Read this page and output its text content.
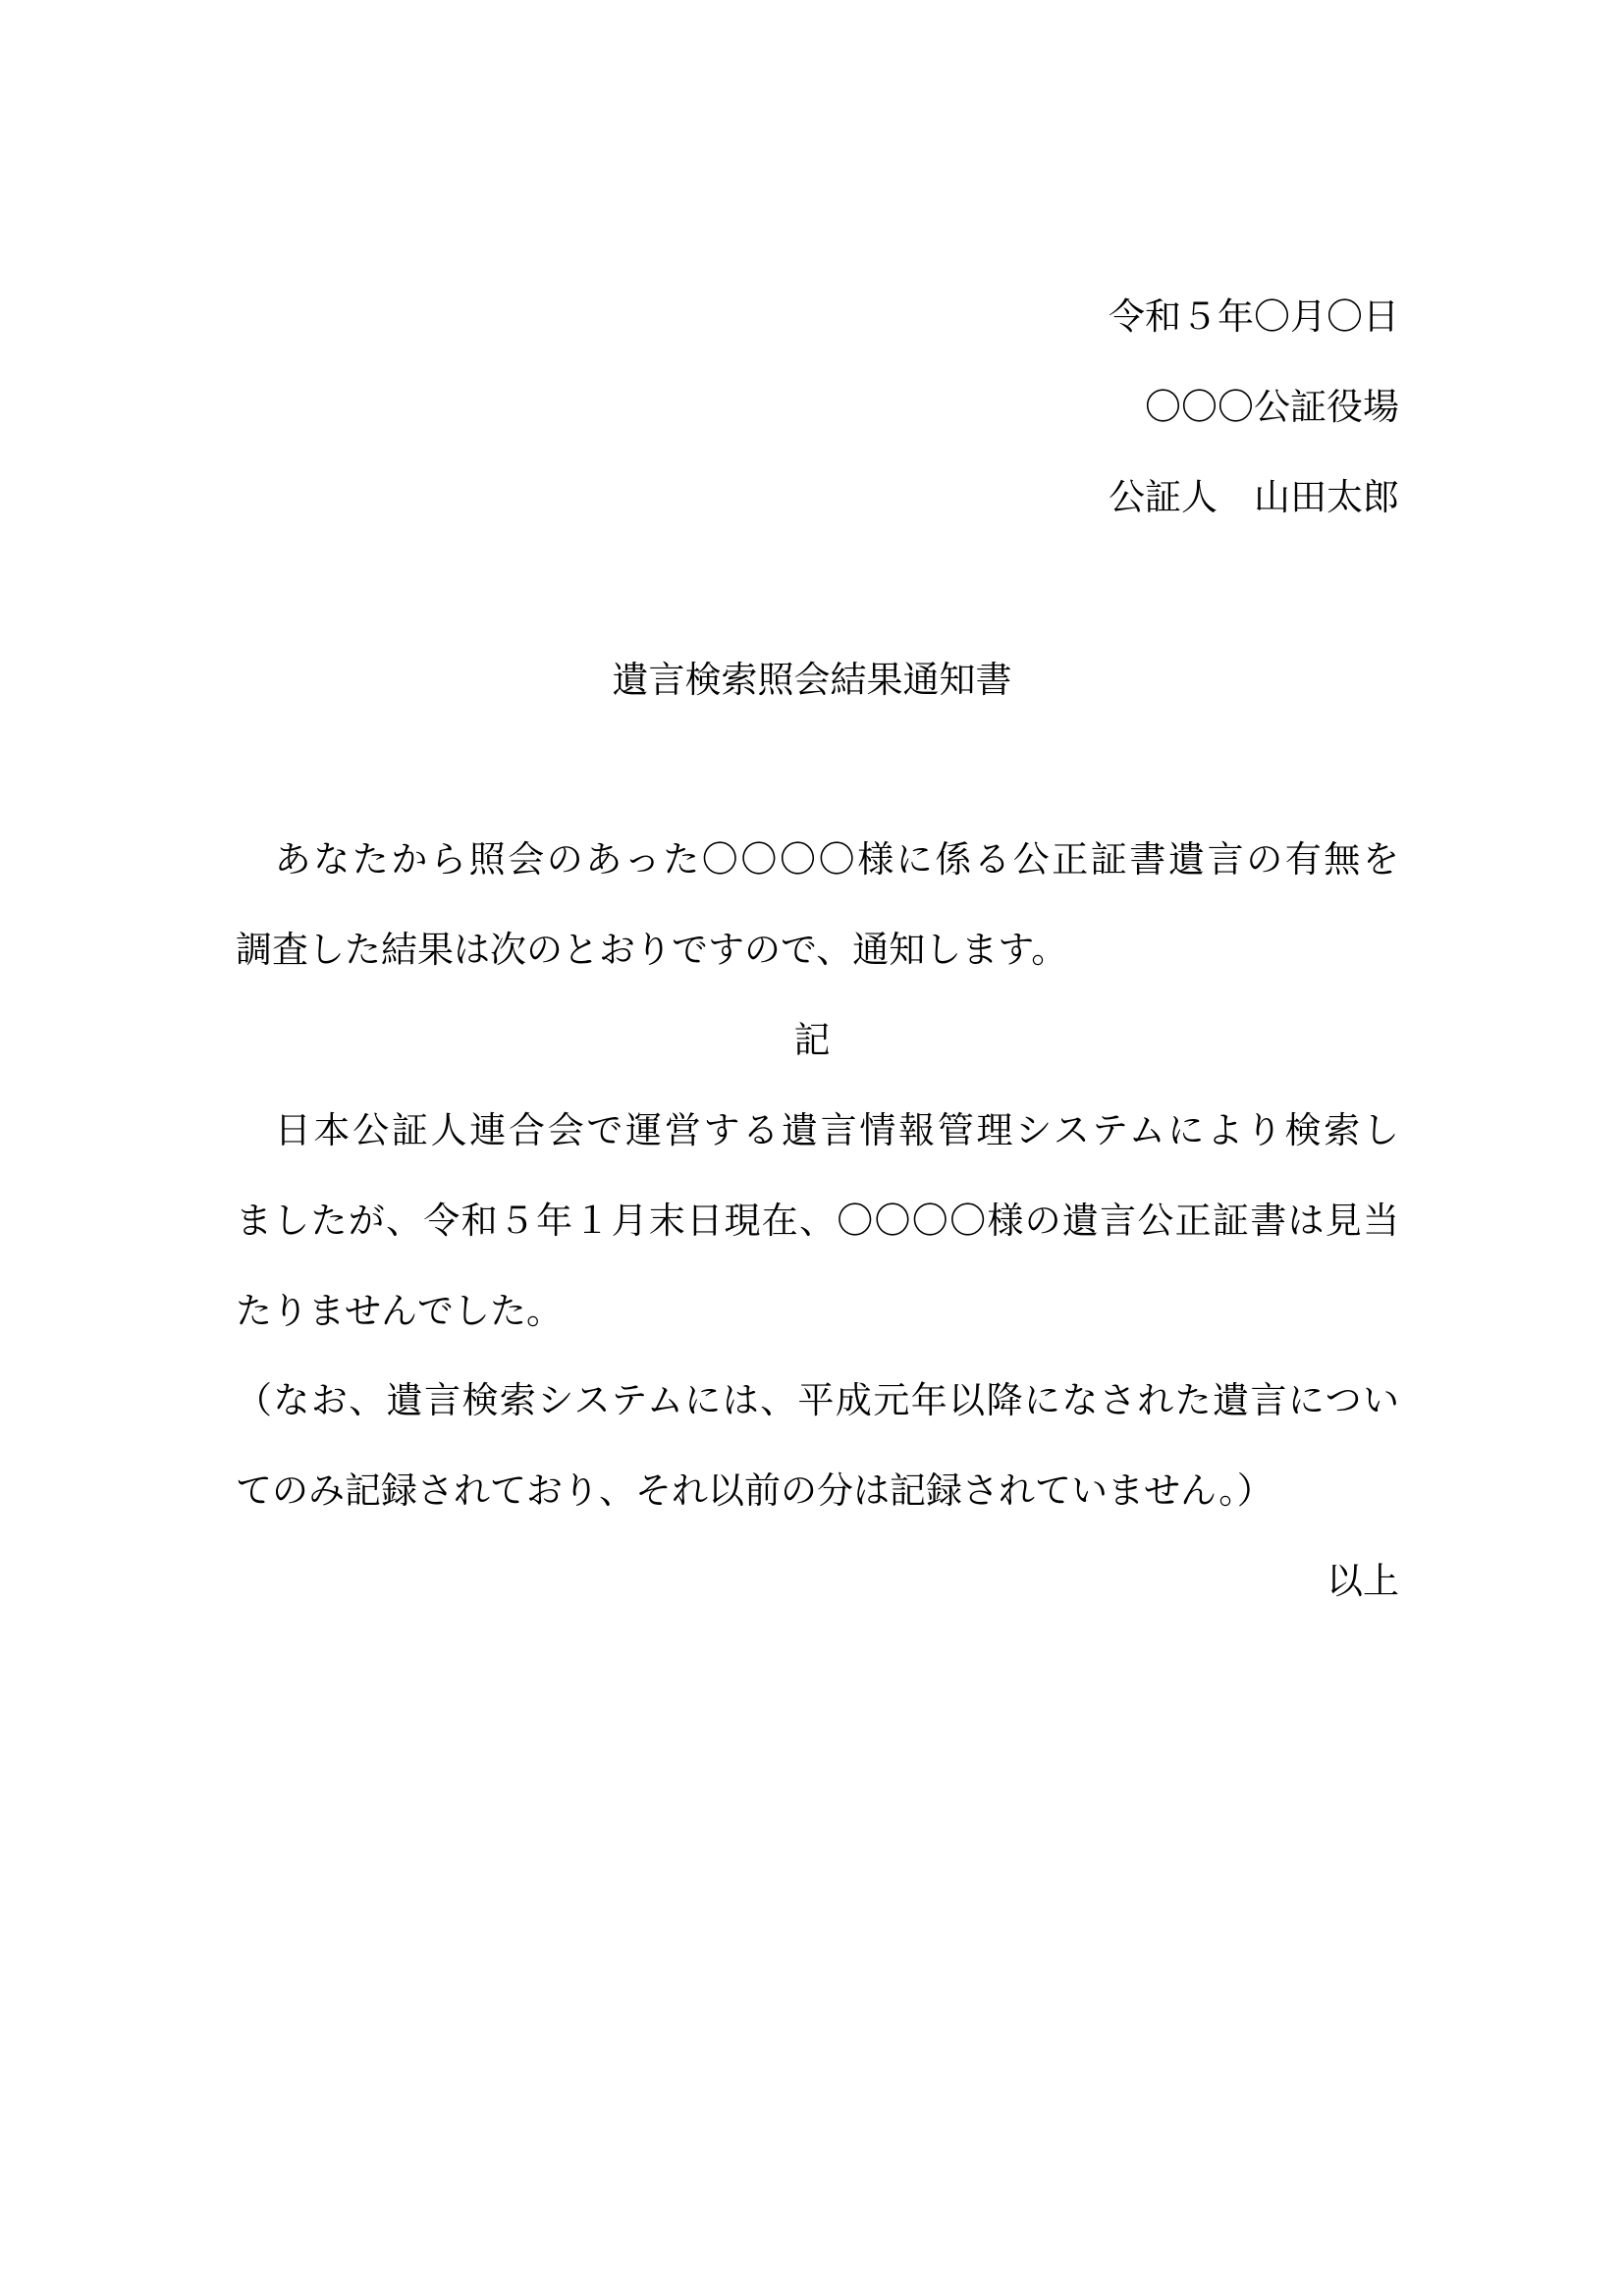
令和５年〇月〇日

〇〇〇公証役場

公証人　山田太郎

遺言検索照会結果通知書

　あなたから照会のあった〇〇〇〇様に係る公正証書遺言の有無を

調査した結果は次のとおりですので、通知します。

記

　日本公証人連合会で運営する遺言情報管理システムにより検索し

ましたが、令和５年１月末日現在、〇〇〇〇様の遺言公正証書は見当

たりませんでした。

（なお、遺言検索システムには、平成元年以降になされた遺言につい

てのみ記録されており、それ以前の分は記録されていません。）

以上
